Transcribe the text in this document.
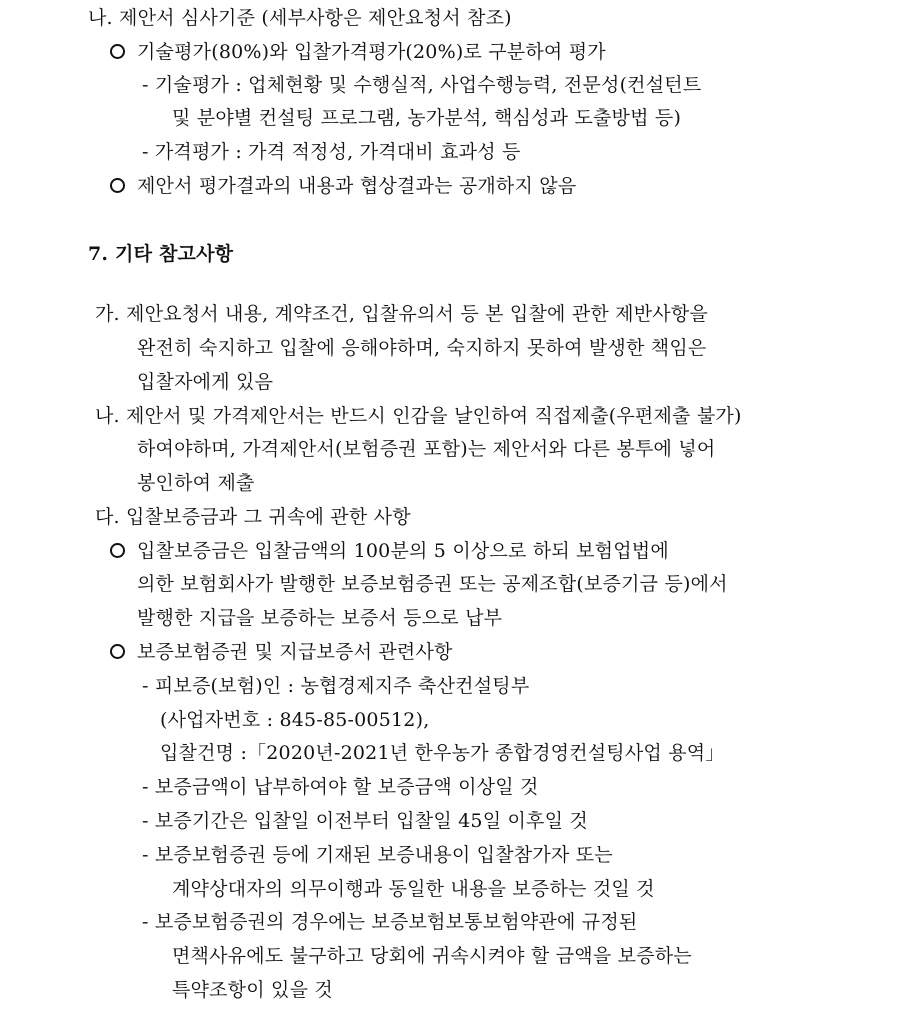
나. 제안서 심사기준 (세부사항은 제안요청서 참조)
기술평가(80%)와 입찰가격평가(20%)로 구분하여 평가
- 기술평가 : 업체현황 및 수행실적, 사업수행능력, 전문성(컨설턴트
및 분야별 컨설팅 프로그램, 농가분석, 핵심성과 도출방법 등)
- 가격평가 : 가격 적정성, 가격대비 효과성 등
제안서 평가결과의 내용과 협상결과는 공개하지 않음
7. 기타 참고사항
가. 제안요청서 내용, 계약조건, 입찰유의서 등 본 입찰에 관한 제반사항을
완전히 숙지하고 입찰에 응해야하며, 숙지하지 못하여 발생한 책임은
입찰자에게 있음
나. 제안서 및 가격제안서는 반드시 인감을 날인하여 직접제출(우편제출 불가)
하여야하며, 가격제안서(보험증권 포함)는 제안서와 다른 봉투에 넣어
봉인하여 제출
다. 입찰보증금과 그 귀속에 관한 사항
입찰보증금은 입찰금액의 100분의 5 이상으로 하되 보험업법에
의한 보험회사가 발행한 보증보험증권 또는 공제조합(보증기금 등)에서
발행한 지급을 보증하는 보증서 등으로 납부
보증보험증권 및 지급보증서 관련사항
- 피보증(보험)인 : 농협경제지주 축산컨설팅부
(사업자번호 : 845-85-00512),
입찰건명 :「2020년-2021년 한우농가 종합경영컨설팅사업 용역」
- 보증금액이 납부하여야 할 보증금액 이상일 것
- 보증기간은 입찰일 이전부터 입찰일 45일 이후일 것
- 보증보험증권 등에 기재된 보증내용이 입찰참가자 또는
계약상대자의 의무이행과 동일한 내용을 보증하는 것일 것
- 보증보험증권의 경우에는 보증보험보통보험약관에 규정된
면책사유에도 불구하고 당회에 귀속시켜야 할 금액을 보증하는
특약조항이 있을 것
